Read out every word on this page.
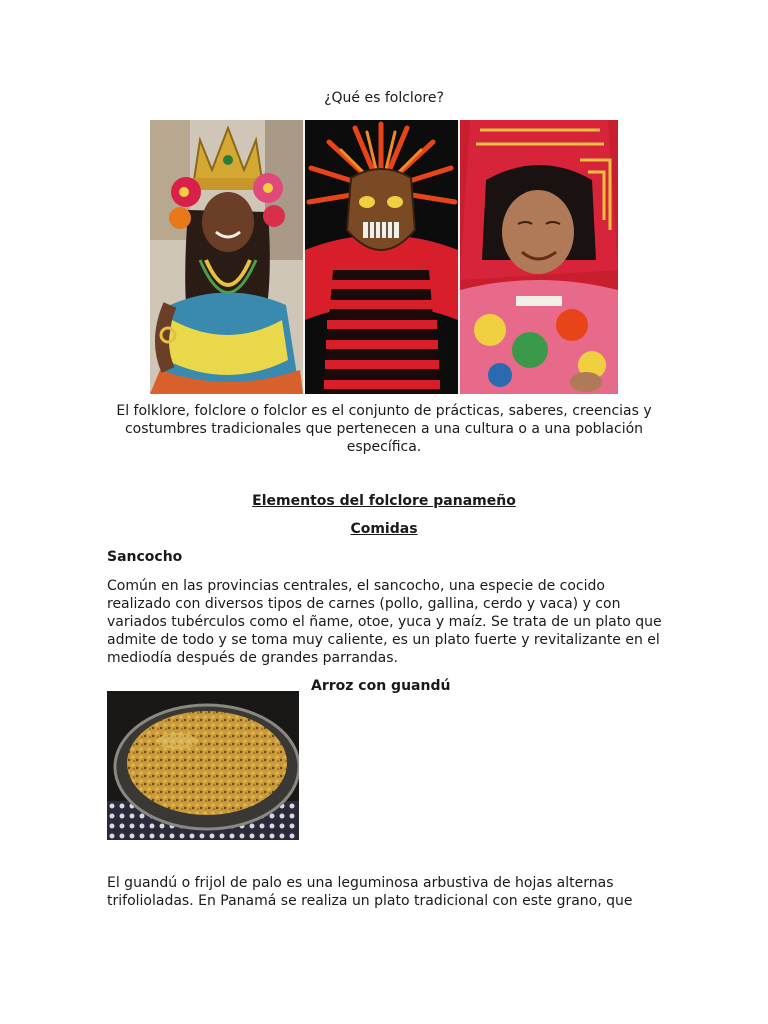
¿Qué es folclore?
El folklore, folclore o folclor es el conjunto de prácticas, saberes, creencias y costumbres tradicionales que pertenecen a una cultura o a una población específica.
Elementos del folclore panameño
Comidas
Sancocho
Común en las provincias centrales, el sancocho, una especie de cocido realizado con diversos tipos de carnes (pollo, gallina, cerdo y vaca) y con variados tubérculos como el ñame, otoe, yuca y maíz. Se trata de un plato que admite de todo y se toma muy caliente, es un plato fuerte y revitalizante en el mediodía después de grandes parrandas.
Arroz con guandú
El guandú o frijol de palo es una leguminosa arbustiva de hojas alternas trifolioladas. En Panamá se realiza un plato tradicional con este grano, que
